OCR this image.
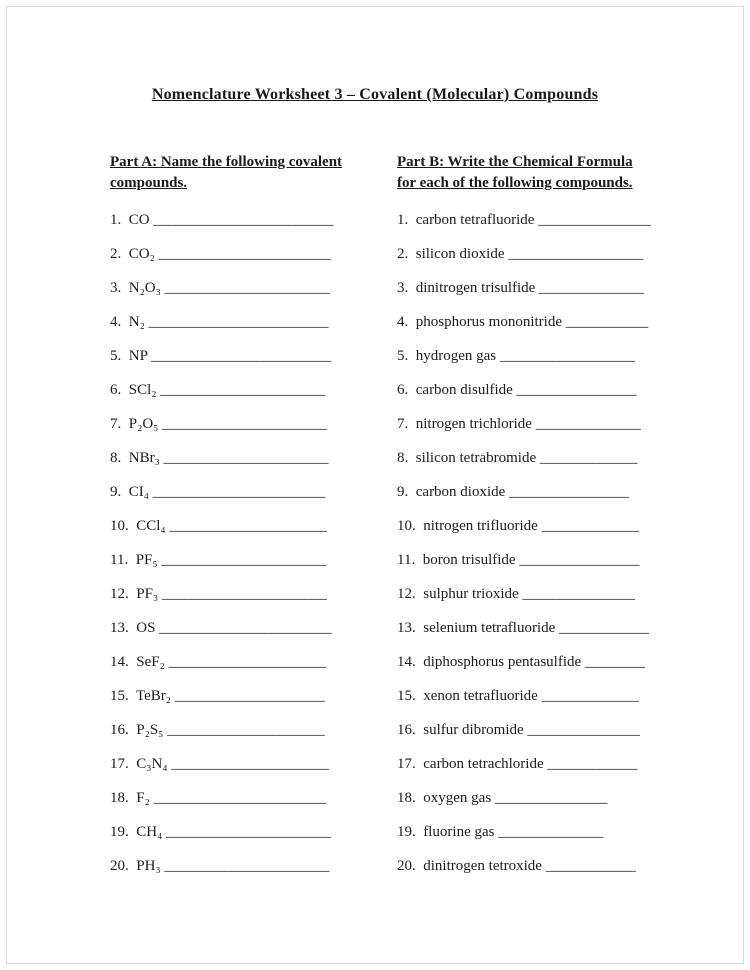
Nomenclature Worksheet 3 – Covalent (Molecular) Compounds
Part A: Name the following covalent
compounds.
1.  CO ________________________
2.  CO₂ _______________________
3.  N₂O₃ ______________________
4.  N₂ ________________________
5.  NP ________________________
6.  SCl₂ ______________________
7.  P₂O₅ ______________________
8.  NBr₃ ______________________
9.  CI₄ _______________________
10.  CCl₄ _____________________
11.  PF₅ ______________________
12.  PF₃ ______________________
13.  OS _______________________
14.  SeF₂ _____________________
15.  TeBr₂ ____________________
16.  P₂S₅ _____________________
17.  C₃N₄ _____________________
18.  F₂ _______________________
19.  CH₄ ______________________
20.  PH₃ ______________________
Part B: Write the Chemical Formula
for each of the following compounds.
1.  carbon tetrafluoride _______________
2.  silicon dioxide __________________
3.  dinitrogen trisulfide ______________
4.  phosphorus mononitride ___________
5.  hydrogen gas __________________
6.  carbon disulfide ________________
7.  nitrogen trichloride ______________
8.  silicon tetrabromide _____________
9.  carbon dioxide ________________
10.  nitrogen trifluoride _____________
11.  boron trisulfide ________________
12.  sulphur trioxide _______________
13.  selenium tetrafluoride ____________
14.  diphosphorus pentasulfide ________
15.  xenon tetrafluoride _____________
16.  sulfur dibromide _______________
17.  carbon tetrachloride ____________
18.  oxygen gas _______________
19.  fluorine gas ______________
20.  dinitrogen tetroxide ____________
